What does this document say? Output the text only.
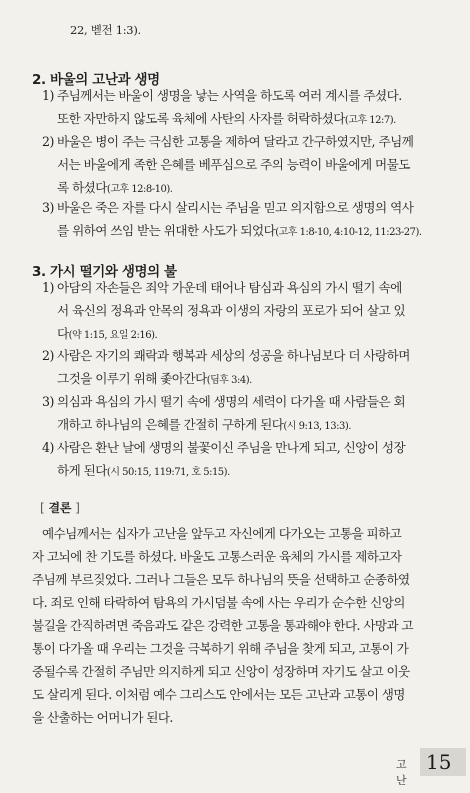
22, 벧전 1:3).
2. 바울의 고난과 생명
1) 주님께서는 바울이 생명을 낳는 사역을 하도록 여러 계시를 주셨다.
또한 자만하지 않도록 육체에 사탄의 사자를 허락하셨다(고후 12:7).
2) 바울은 병이 주는 극심한 고통을 제하여 달라고 간구하였지만, 주님께
서는 바울에게 족한 은혜를 베푸심으로 주의 능력이 바울에게 머물도
록 하셨다(고후 12:8-10).
3) 바울은 죽은 자를 다시 살리시는 주님을 믿고 의지함으로 생명의 역사
를 위하여 쓰임 받는 위대한 사도가 되었다(고후 1:8-10, 4:10-12, 11:23-27).
3. 가시 떨기와 생명의 불
1) 아담의 자손들은 죄악 가운데 태어나 탐심과 욕심의 가시 떨기 속에
서 육신의 정욕과 안목의 정욕과 이생의 자랑의 포로가 되어 살고 있
다(약 1:15, 요일 2:16).
2) 사람은 자기의 쾌락과 행복과 세상의 성공을 하나님보다 더 사랑하며
그것을 이루기 위해 좇아간다(딤후 3:4).
3) 의심과 욕심의 가시 떨기 속에 생명의 세력이 다가올 때 사람들은 회
개하고 하나님의 은혜를 간절히 구하게 된다(시 9:13, 13:3).
4) 사람은 환난 날에 생명의 불꽃이신 주님을 만나게 되고, 신앙이 성장
하게 된다(시 50:15, 119:71, 호 5:15).
[ 결론 ]
예수님께서는 십자가 고난을 앞두고 자신에게 다가오는 고통을 피하고
자 고뇌에 찬 기도를 하셨다. 바울도 고통스러운 육체의 가시를 제하고자
주님께 부르짖었다. 그러나 그들은 모두 하나님의 뜻을 선택하고 순종하였
다. 죄로 인해 타락하여 탐욕의 가시덤불 속에 사는 우리가 순수한 신앙의
불길을 간직하려면 죽음과도 같은 강력한 고통을 통과해야 한다. 사망과 고
통이 다가올 때 우리는 그것을 극복하기 위해 주님을 찾게 되고, 고통이 가
중될수록 간절히 주님만 의지하게 되고 신앙이 성장하며 자기도 살고 이웃
도 살리게 된다. 이처럼 예수 그리스도 안에서는 모든 고난과 고통이 생명
을 산출하는 어머니가 된다.
고난
15
